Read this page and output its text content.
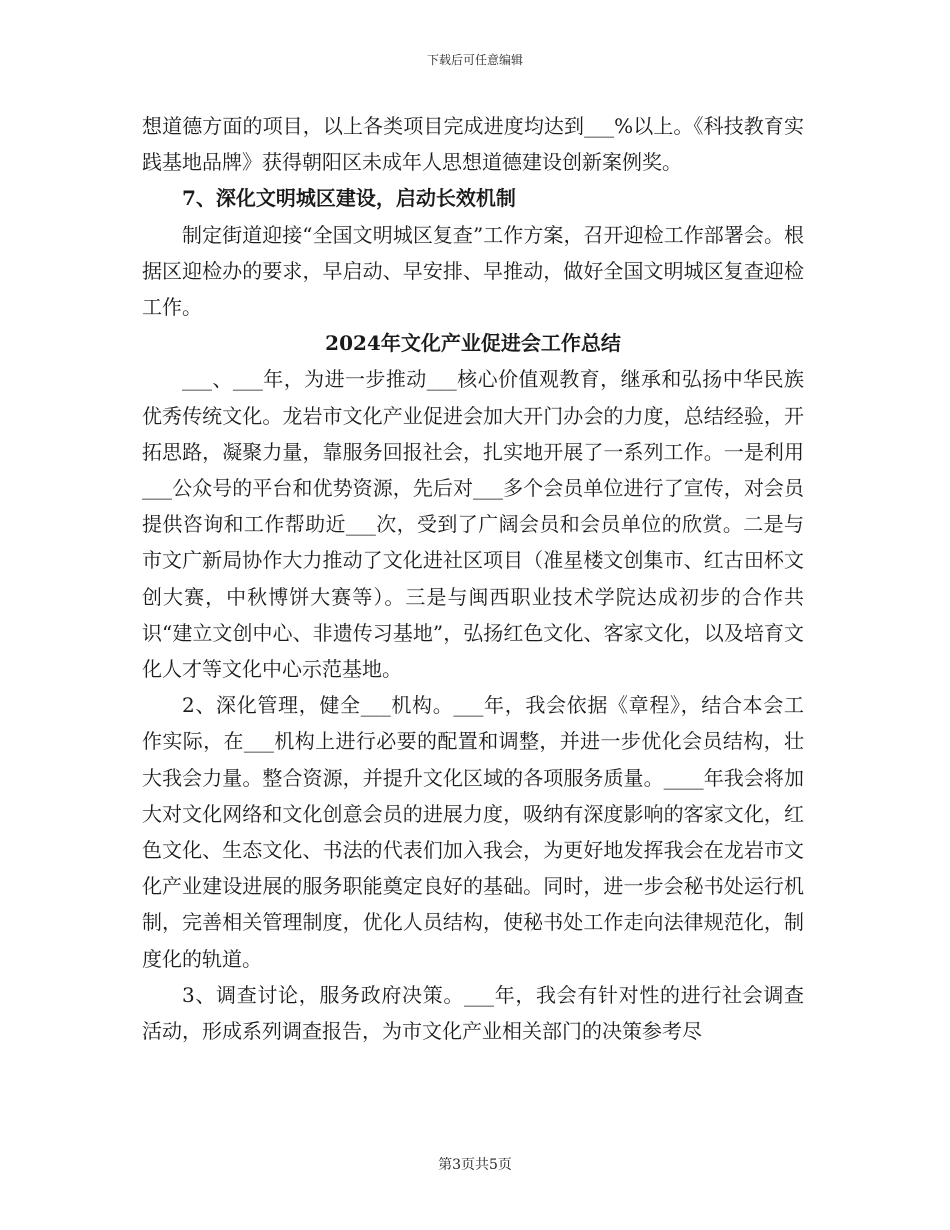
下载后可任意编辑

想道德方面的项目，以上各类项目完成进度均达到___%以上。《科技教育实践基地品牌》获得朝阳区未成年人思想道德建设创新案例奖。

7、深化文明城区建设，启动长效机制

制定街道迎接“全国文明城区复查”工作方案，召开迎检工作部署会。根据区迎检办的要求，早启动、早安排、早推动，做好全国文明城区复查迎检工作。

2024年文化产业促进会工作总结

___、___年，为进一步推动___核心价值观教育，继承和弘扬中华民族优秀传统文化。龙岩市文化产业促进会加大开门办会的力度，总结经验，开拓思路，凝聚力量，靠服务回报社会，扎实地开展了一系列工作。一是利用___公众号的平台和优势资源，先后对___多个会员单位进行了宣传，对会员提供咨询和工作帮助近___次，受到了广阔会员和会员单位的欣赏。二是与市文广新局协作大力推动了文化进社区项目（准星楼文创集市、红古田杯文创大赛，中秋博饼大赛等）。三是与闽西职业技术学院达成初步的合作共识“建立文创中心、非遗传习基地”，弘扬红色文化、客家文化，以及培育文化人才等文化中心示范基地。

2、深化管理，健全___机构。___年，我会依据《章程》，结合本会工作实际，在___机构上进行必要的配置和调整，并进一步优化会员结构，壮大我会力量。整合资源，并提升文化区域的各项服务质量。____年我会将加大对文化网络和文化创意会员的进展力度，吸纳有深度影响的客家文化，红色文化、生态文化、书法的代表们加入我会，为更好地发挥我会在龙岩市文化产业建设进展的服务职能奠定良好的基础。同时，进一步会秘书处运行机制，完善相关管理制度，优化人员结构，使秘书处工作走向法律规范化，制度化的轨道。

3、调查讨论，服务政府决策。___年，我会有针对性的进行社会调查活动，形成系列调查报告，为市文化产业相关部门的决策参考尽

第3页共5页
